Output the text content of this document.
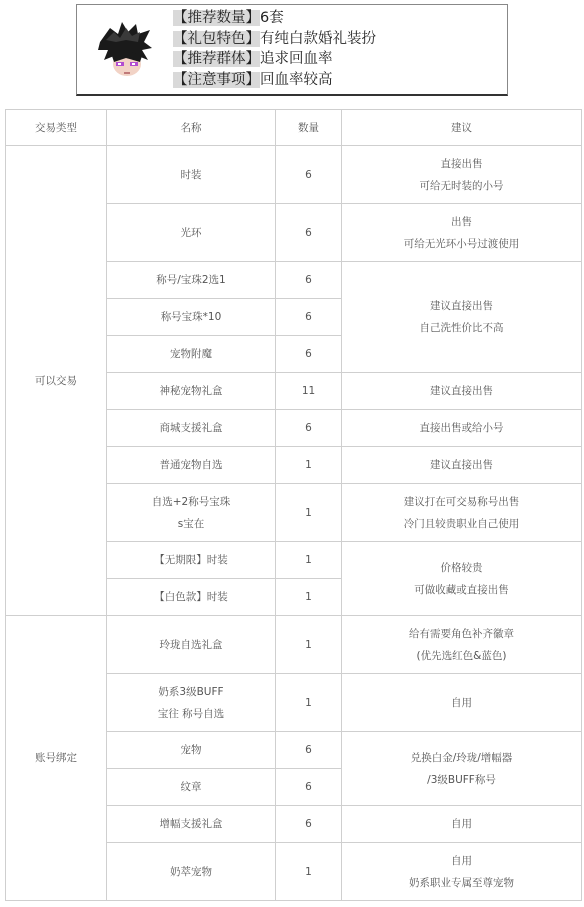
【推荐数量】6套
【礼包特色】有纯白款婚礼装扮
【推荐群体】追求回血率
【注意事项】回血率较高
交易类型	名称	数量	建议
可以交易	时装	6	直接出售
可给无时装的小号

	光环	6	出售
可给无光环小号过渡使用

	称号/宝珠2选1	6	建议直接出售
自己洗性价比不高

	称号宝珠*10	6	

	宠物附魔	6	

	神秘宠物礼盒	11	建议直接出售

	商城支援礼盒	6	直接出售或给小号

	普通宠物自选	1	建议直接出售

	自选+2称号宝珠
s宝在	1	建议打在可交易称号出售
冷门且较贵职业自己使用

	【无期限】时装	1	价格较贵
可做收藏或直接出售

	【白色款】时装	1	
账号绑定	玲珑自选礼盒	1	给有需要角色补齐徽章
(优先选红色&蓝色)

	奶系3级BUFF
宝往 称号自选	1	自用

	宠物	6	兑换白金/玲珑/增幅器
/3级BUFF称号

	纹章	6	

	增幅支援礼盒	6	自用

	奶萃宠物	1	自用
奶系职业专属至尊宠物
